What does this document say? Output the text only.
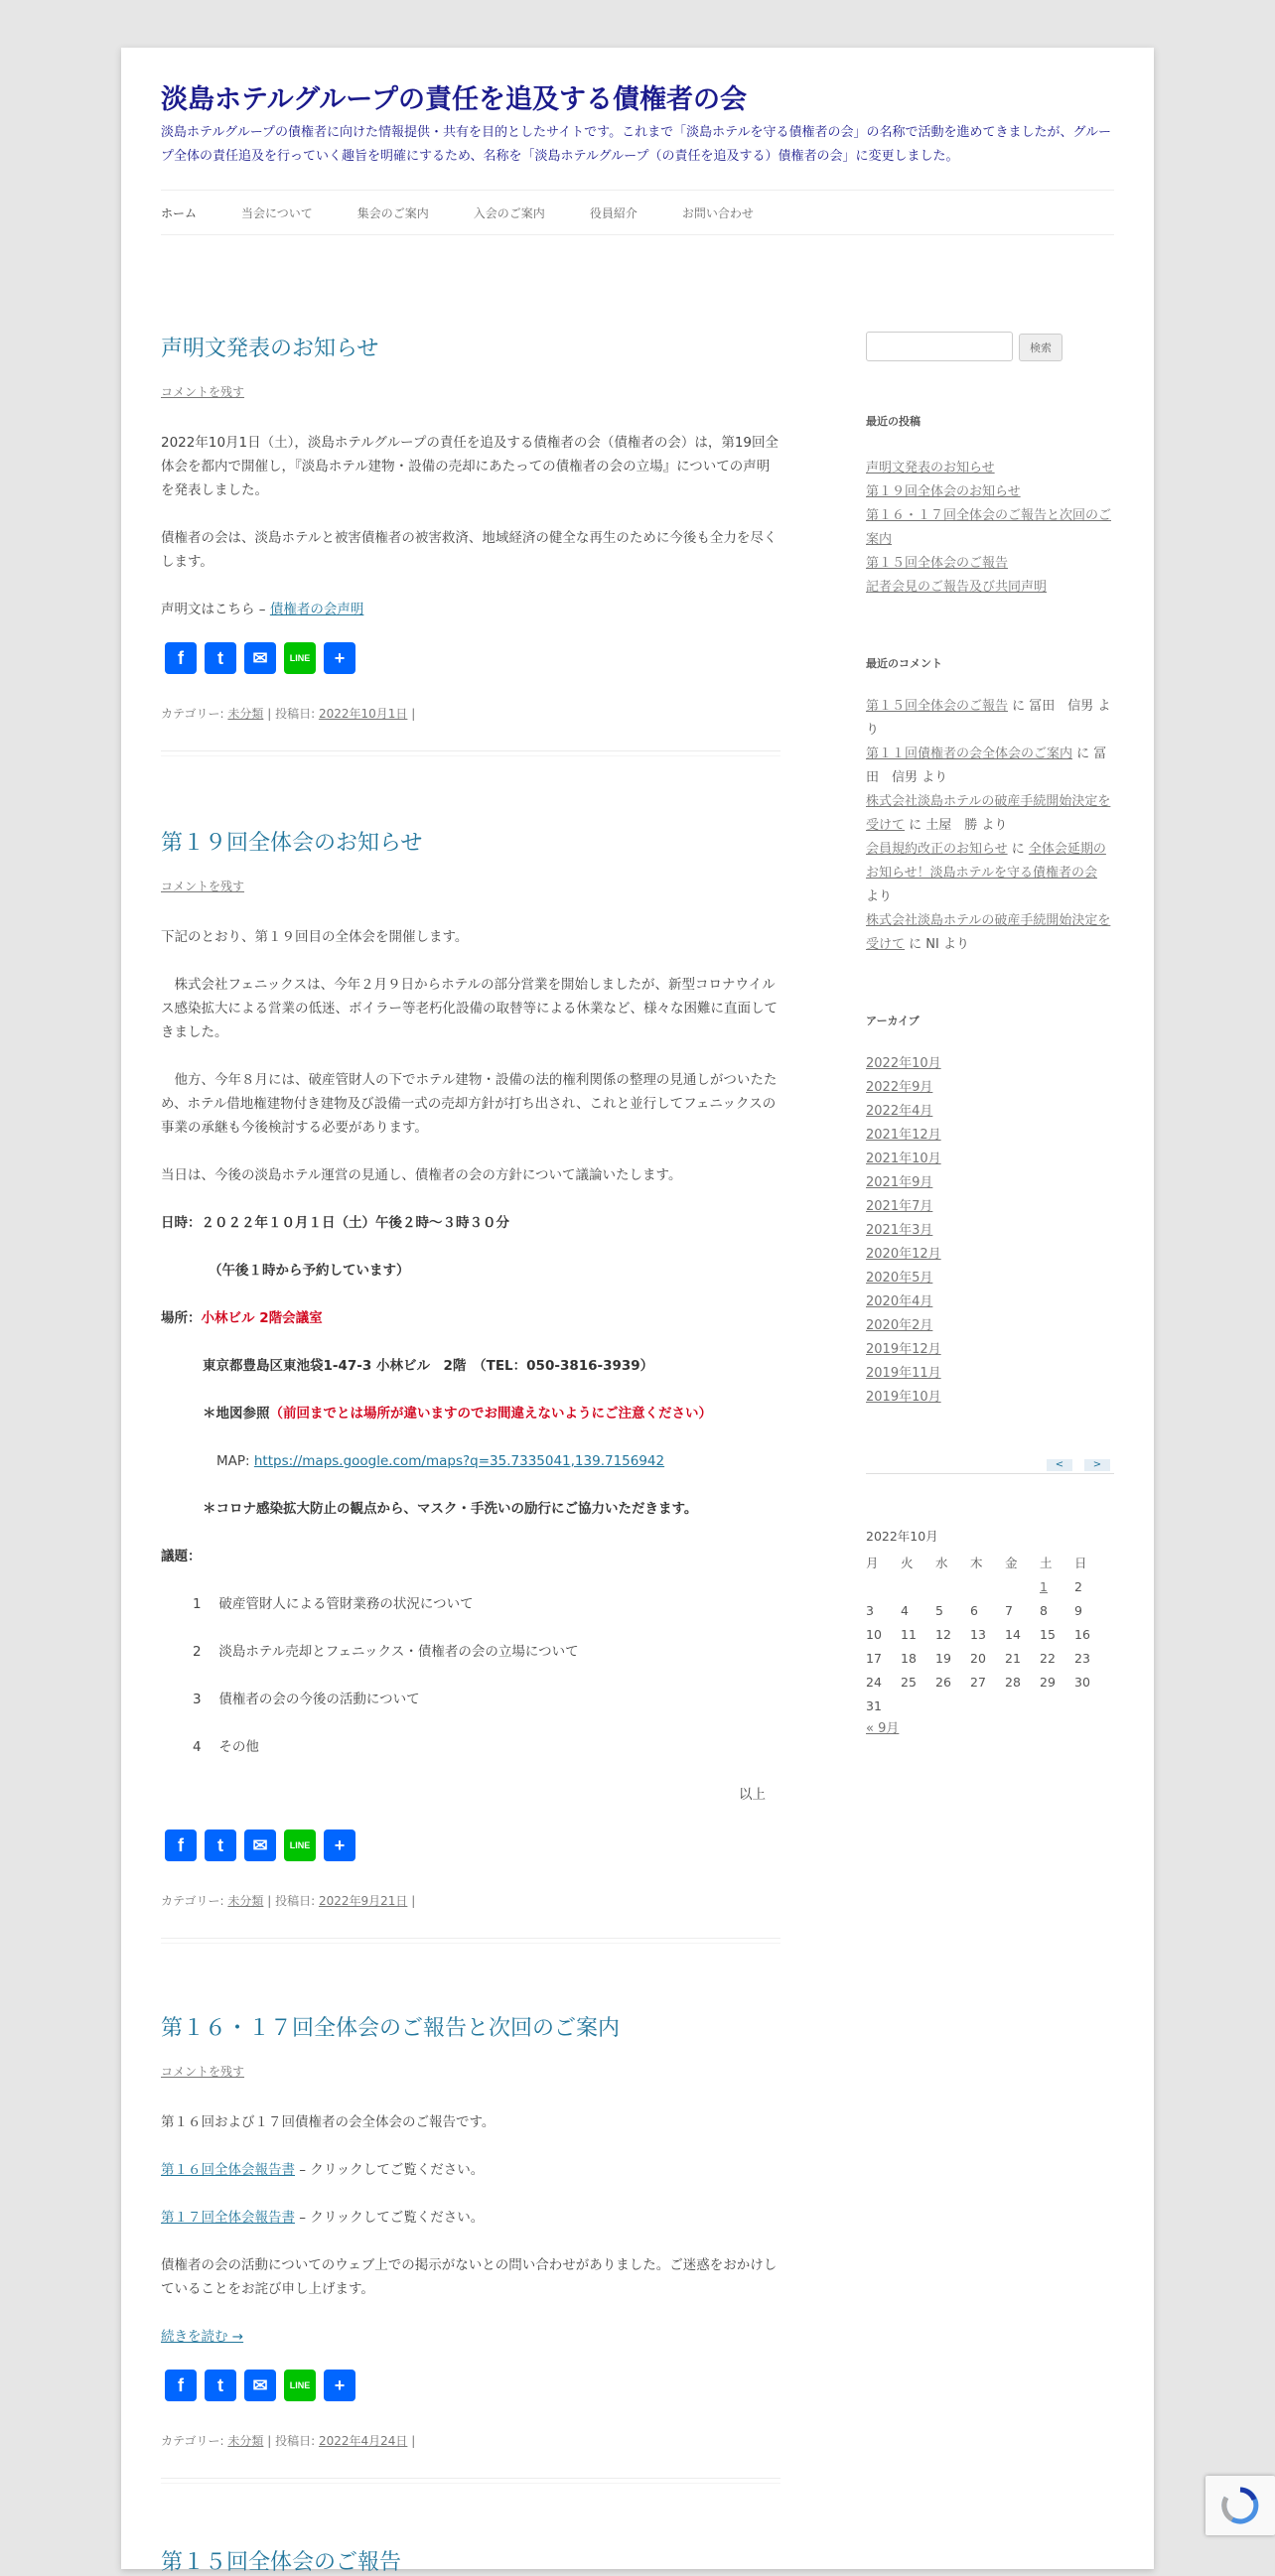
淡島ホテルグループの責任を追及する債権者の会

淡島ホテルグループの債権者に向けた情報提供・共有を目的としたサイトです。これまで「淡島ホテルを守る債権者の会」の名称で活動を進めてきましたが、グループ全体の責任追及を行っていく趣旨を明確にするため、名称を「淡島ホテルグループ（の責任を追及する）債権者の会」に変更しました。

ホーム	当会について	集会のご案内	入会のご案内	役員紹介	お問い合わせ
声明文発表のお知らせ
コメントを残す

2022年10月1日（土），淡島ホテルグループの責任を追及する債権者の会（債権者の会）は，第19回全体会を都内で開催し，『淡島ホテル建物・設備の売却にあたっての債権者の会の立場』についての声明を発表しました。

債権者の会は、淡島ホテルと被害債権者の被害救済、地域経済の健全な再生のために今後も全力を尽くします。

声明文はこちら – 債権者の会声明

f	t	✉	LINE	+
カテゴリー: 未分類 | 投稿日: 2022年10月1日 |
第１９回全体会のお知らせ
コメントを残す

下記のとおり、第１９回目の全体会を開催します。

　株式会社フェニックスは、今年２月９日からホテルの部分営業を開始しましたが、新型コロナウイルス感染拡大による営業の低迷、ボイラー等老朽化設備の取替等による休業など、様々な困難に直面してきました。

　他方、今年８月には、破産管財人の下でホテル建物・設備の法的権利関係の整理の見通しがついたため、ホテル借地権建物付き建物及び設備一式の売却方針が打ち出され、これと並行してフェニックスの事業の承継も今後検討する必要があります。

当日は、今後の淡島ホテル運営の見通し、債権者の会の方針について議論いたします。

日時：２０２２年１０月１日（土）午後２時～３時３０分

（午後１時から予約しています）

場所：小林ビル 2階会議室

東京都豊島区東池袋1-47-3 小林ビル　2階　（TEL：050-3816-3939）

＊地図参照（前回までとは場所が違いますのでお間違えないようにご注意ください）

MAP: https://maps.google.com/maps?q=35.7335041,139.7156942

＊コロナ感染拡大防止の観点から、マスク・手洗いの励行にご協力いただきます。

議題：

1　 破産管財人による管財業務の状況について

2　 淡島ホテル売却とフェニックス・債権者の会の立場について

3　 債権者の会の今後の活動について

4　 その他

以上

f	t	✉	LINE	+
カテゴリー: 未分類 | 投稿日: 2022年9月21日 |
第１６・１７回全体会のご報告と次回のご案内
コメントを残す

第１６回および１７回債権者の会全体会のご報告です。

第１６回全体会報告書 – クリックしてご覧ください。

第１７回全体会報告書 – クリックしてご覧ください。

債権者の会の活動についてのウェブ上での掲示がないとの問い合わせがありました。ご迷惑をおかけしていることをお詫び申し上げます。

続きを読む →

f	t	✉	LINE	+
カテゴリー: 未分類 | 投稿日: 2022年4月24日 |
第１５回全体会のご報告
検索
最近の投稿
声明文発表のお知らせ
第１９回全体会のお知らせ
第１６・１７回全体会のご報告と次回のご案内
第１５回全体会のご報告
記者会見のご報告及び共同声明
最近のコメント
第１５回全体会のご報告 に 冨田　信男 より
第１１回債権者の会全体会のご案内 に 冨田　信男 より
株式会社淡島ホテルの破産手続開始決定を受けて に 土屋　勝 より
会員規約改正のお知らせ に 全体会延期のお知らせ！淡島ホテルを守る債権者の会 より
株式会社淡島ホテルの破産手続開始決定を受けて に NI より
アーカイブ
2022年10月
2022年9月
2022年4月
2021年12月
2021年10月
2021年9月
2021年7月
2021年3月
2020年12月
2020年5月
2020年4月
2020年2月
2019年12月
2019年11月
2019年10月
<	>
2022年10月
月	火	水	木	金	土	日
					1	2
3	4	5	6	7	8	9
10	11	12	13	14	15	16
17	18	19	20	21	22	23
24	25	26	27	28	29	30
31						
« 9月
